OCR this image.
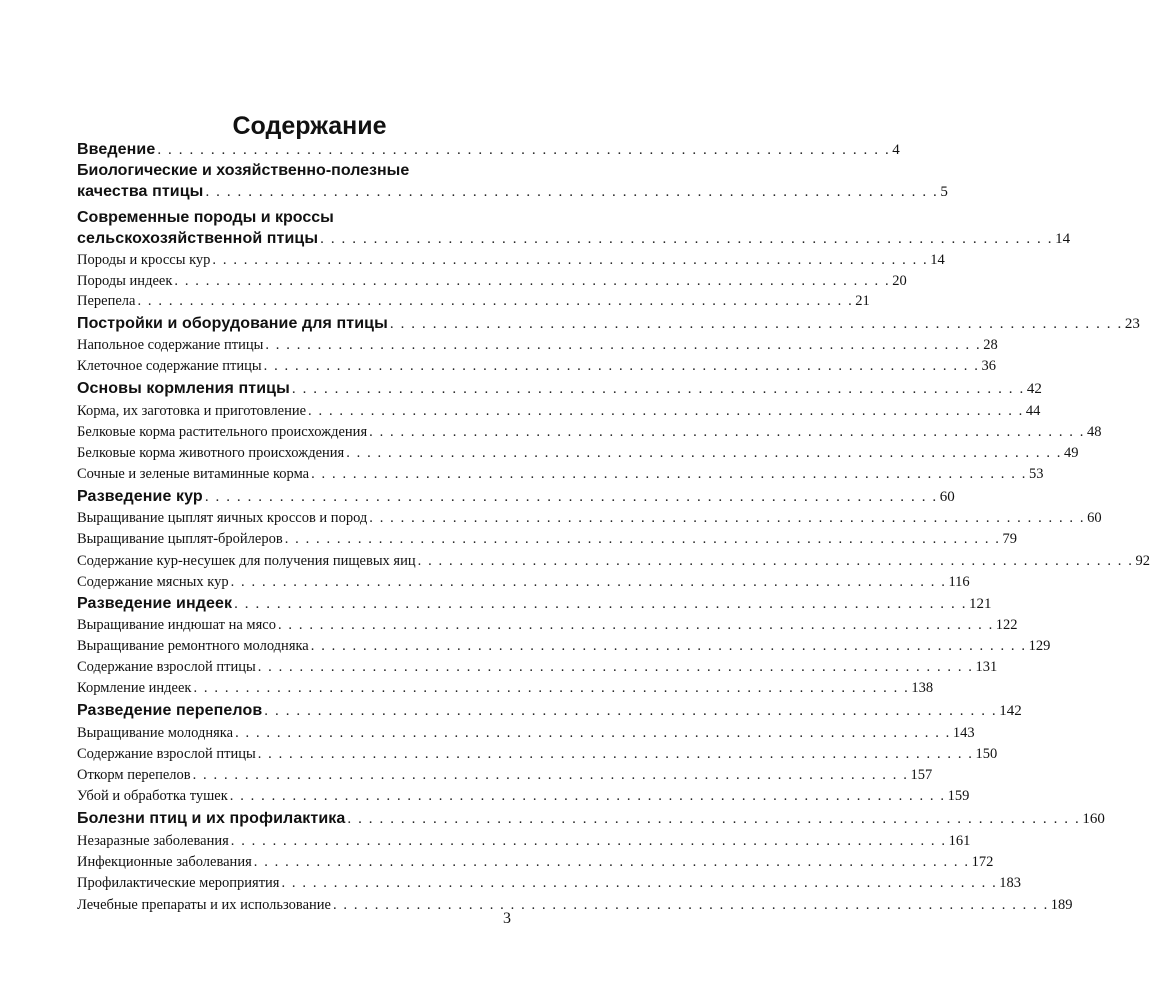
Содержание
Введение . . . . . . . . . . . . . . . . . . . . . . . . . . . . . . . . . . . . . . . . . . . . . . . . . . . . . . . . . . . . . . . . . . . . . 4
Биологические и хозяйственно-полезные
качества птицы . . . . . . . . . . . . . . . . . . . . . . . . . . . . . . . . . . . . . . . . . . . . . . . . . . . . . . . . . . . . . . . . . . . . . 5
Современные породы и кроссы
сельскохозяйственной птицы . . . . . . . . . . . . . . . . . . . . . . . . . . . . . . . . . . . . . . . . . . . . . . . . . . . . . . . . . . . . . . . . . . . . . 14
Породы и кроссы кур . . . . . . . . . . . . . . . . . . . . . . . . . . . . . . . . . . . . . . . . . . . . . . . . . . . . . . . . . . . . . . . . . . . . . 14
Породы индеек . . . . . . . . . . . . . . . . . . . . . . . . . . . . . . . . . . . . . . . . . . . . . . . . . . . . . . . . . . . . . . . . . . . . . 20
Перепела . . . . . . . . . . . . . . . . . . . . . . . . . . . . . . . . . . . . . . . . . . . . . . . . . . . . . . . . . . . . . . . . . . . . . 21
Постройки и оборудование для птицы . . . . . . . . . . . . . . . . . . . . . . . . . . . . . . . . . . . . . . . . . . . . . . . . . . . . . . . . . . . . . . . . . . . . . 23
Напольное содержание птицы . . . . . . . . . . . . . . . . . . . . . . . . . . . . . . . . . . . . . . . . . . . . . . . . . . . . . . . . . . . . . . . . . . . . . 28
Клеточное содержание птицы . . . . . . . . . . . . . . . . . . . . . . . . . . . . . . . . . . . . . . . . . . . . . . . . . . . . . . . . . . . . . . . . . . . . . 36
Основы кормления птицы . . . . . . . . . . . . . . . . . . . . . . . . . . . . . . . . . . . . . . . . . . . . . . . . . . . . . . . . . . . . . . . . . . . . . 42
Корма, их заготовка и приготовление . . . . . . . . . . . . . . . . . . . . . . . . . . . . . . . . . . . . . . . . . . . . . . . . . . . . . . . . . . . . . . . . . . . . . 44
Белковые корма растительного происхождения . . . . . . . . . . . . . . . . . . . . . . . . . . . . . . . . . . . . . . . . . . . . . . . . . . . . . . . . . . . . . . . . . . . . . 48
Белковые корма животного происхождения . . . . . . . . . . . . . . . . . . . . . . . . . . . . . . . . . . . . . . . . . . . . . . . . . . . . . . . . . . . . . . . . . . . . . 49
Сочные и зеленые витаминные корма . . . . . . . . . . . . . . . . . . . . . . . . . . . . . . . . . . . . . . . . . . . . . . . . . . . . . . . . . . . . . . . . . . . . . 53
Разведение кур . . . . . . . . . . . . . . . . . . . . . . . . . . . . . . . . . . . . . . . . . . . . . . . . . . . . . . . . . . . . . . . . . . . . . 60
Выращивание цыплят яичных кроссов и пород . . . . . . . . . . . . . . . . . . . . . . . . . . . . . . . . . . . . . . . . . . . . . . . . . . . . . . . . . . . . . . . . . . . . . 60
Выращивание цыплят-бройлеров . . . . . . . . . . . . . . . . . . . . . . . . . . . . . . . . . . . . . . . . . . . . . . . . . . . . . . . . . . . . . . . . . . . . . 79
Содержание кур-несушек для получения пищевых яиц . . . . . . . . . . . . . . . . . . . . . . . . . . . . . . . . . . . . . . . . . . . . . . . . . . . . . . . . . . . . . . . . . . . . . 92
Содержание мясных кур . . . . . . . . . . . . . . . . . . . . . . . . . . . . . . . . . . . . . . . . . . . . . . . . . . . . . . . . . . . . . . . . . . . . . 116
Разведение индеек . . . . . . . . . . . . . . . . . . . . . . . . . . . . . . . . . . . . . . . . . . . . . . . . . . . . . . . . . . . . . . . . . . . . . 121
Выращивание индюшат на мясо . . . . . . . . . . . . . . . . . . . . . . . . . . . . . . . . . . . . . . . . . . . . . . . . . . . . . . . . . . . . . . . . . . . . . 122
Выращивание ремонтного молодняка . . . . . . . . . . . . . . . . . . . . . . . . . . . . . . . . . . . . . . . . . . . . . . . . . . . . . . . . . . . . . . . . . . . . . 129
Содержание взрослой птицы . . . . . . . . . . . . . . . . . . . . . . . . . . . . . . . . . . . . . . . . . . . . . . . . . . . . . . . . . . . . . . . . . . . . . 131
Кормление индеек . . . . . . . . . . . . . . . . . . . . . . . . . . . . . . . . . . . . . . . . . . . . . . . . . . . . . . . . . . . . . . . . . . . . . 138
Разведение перепелов . . . . . . . . . . . . . . . . . . . . . . . . . . . . . . . . . . . . . . . . . . . . . . . . . . . . . . . . . . . . . . . . . . . . . 142
Выращивание молодняка . . . . . . . . . . . . . . . . . . . . . . . . . . . . . . . . . . . . . . . . . . . . . . . . . . . . . . . . . . . . . . . . . . . . . 143
Содержание взрослой птицы . . . . . . . . . . . . . . . . . . . . . . . . . . . . . . . . . . . . . . . . . . . . . . . . . . . . . . . . . . . . . . . . . . . . . 150
Откорм перепелов . . . . . . . . . . . . . . . . . . . . . . . . . . . . . . . . . . . . . . . . . . . . . . . . . . . . . . . . . . . . . . . . . . . . . 157
Убой и обработка тушек . . . . . . . . . . . . . . . . . . . . . . . . . . . . . . . . . . . . . . . . . . . . . . . . . . . . . . . . . . . . . . . . . . . . . 159
Болезни птиц и их профилактика . . . . . . . . . . . . . . . . . . . . . . . . . . . . . . . . . . . . . . . . . . . . . . . . . . . . . . . . . . . . . . . . . . . . . 160
Незаразные заболевания . . . . . . . . . . . . . . . . . . . . . . . . . . . . . . . . . . . . . . . . . . . . . . . . . . . . . . . . . . . . . . . . . . . . . 161
Инфекционные заболевания . . . . . . . . . . . . . . . . . . . . . . . . . . . . . . . . . . . . . . . . . . . . . . . . . . . . . . . . . . . . . . . . . . . . . 172
Профилактические мероприятия . . . . . . . . . . . . . . . . . . . . . . . . . . . . . . . . . . . . . . . . . . . . . . . . . . . . . . . . . . . . . . . . . . . . . 183
Лечебные препараты и их использование . . . . . . . . . . . . . . . . . . . . . . . . . . . . . . . . . . . . . . . . . . . . . . . . . . . . . . . . . . . . . . . . . . . . . 189
3
